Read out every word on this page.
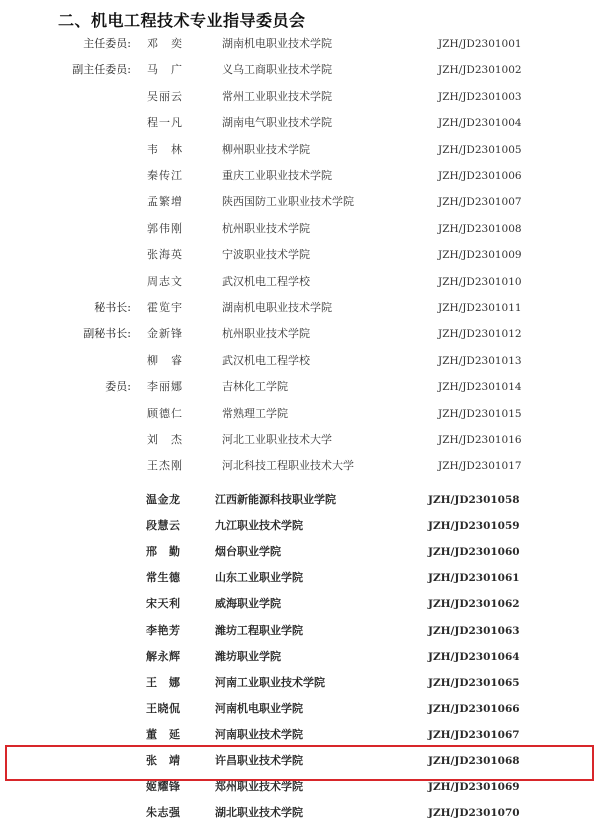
二、机电工程技术专业指导委员会
主任委员: 邓　奕	湖南机电职业技术学院	JZH/JD2301001
副主任委员: 马　广	义乌工商职业技术学院	JZH/JD2301002
吴丽云	常州工业职业技术学院	JZH/JD2301003
程一凡	湖南电气职业技术学院	JZH/JD2301004
韦　林	柳州职业技术学院	JZH/JD2301005
秦传江	重庆工业职业技术学院	JZH/JD2301006
孟繁增	陕西国防工业职业技术学院	JZH/JD2301007
郭伟刚	杭州职业技术学院	JZH/JD2301008
张海英	宁波职业技术学院	JZH/JD2301009
周志文	武汉机电工程学校	JZH/JD2301010
秘书长: 霍览宇	湖南机电职业技术学院	JZH/JD2301011
副秘书长: 金新锋	杭州职业技术学院	JZH/JD2301012
柳　睿	武汉机电工程学校	JZH/JD2301013
委员: 李丽娜	吉林化工学院	JZH/JD2301014
顾德仁	常熟理工学院	JZH/JD2301015
刘　杰	河北工业职业技术大学	JZH/JD2301016
王杰刚	河北科技工程职业技术大学	JZH/JD2301017
温金龙	江西新能源科技职业学院	JZH/JD2301058
段慧云	九江职业技术学院	JZH/JD2301059
邢　勤	烟台职业学院	JZH/JD2301060
常生德	山东工业职业学院	JZH/JD2301061
宋天利	威海职业学院	JZH/JD2301062
李艳芳	潍坊工程职业学院	JZH/JD2301063
解永辉	潍坊职业学院	JZH/JD2301064
王　娜	河南工业职业技术学院	JZH/JD2301065
王晓侃	河南机电职业学院	JZH/JD2301066
董　延	河南职业技术学院	JZH/JD2301067
张　靖	许昌职业技术学院	JZH/JD2301068
姬耀锋	郑州职业技术学院	JZH/JD2301069
朱志强	湖北职业技术学院	JZH/JD2301070
